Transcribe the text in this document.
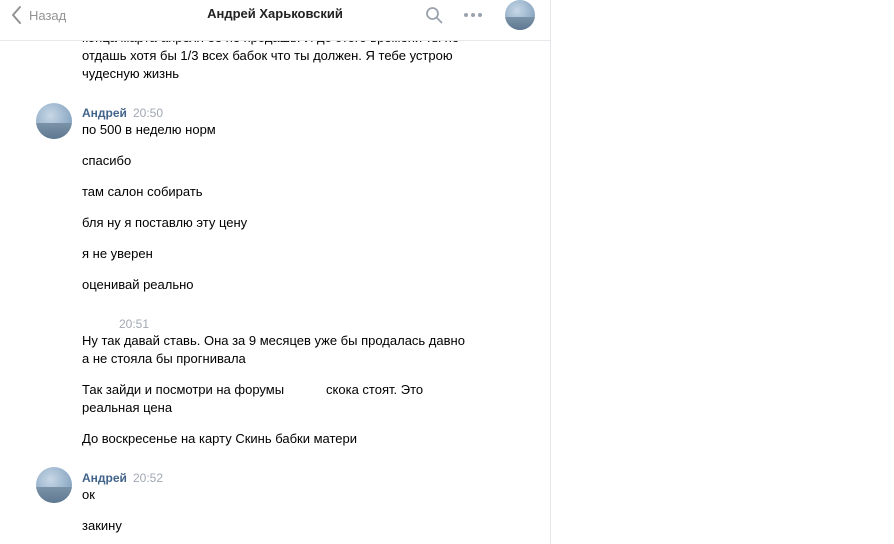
отдашь хотя бы 1/3 всех бабок что ты должен. Я тебе устрою
чудесную жизнь
Андрей 20:50
по 500 в неделю норм
спасибо
там салон собирать
бля ну я поставлю эту цену
я не уверен
оценивай реально
20:51
Ну так давай ставь. Она за 9 месяцев уже бы продалась давно
а не стояла бы прогнивала
Так зайди и посмотри на форумы	скока стоят. Это
реальная цена
До воскресенье на карту Скинь бабки матери
Андрей 20:52
ок
закину
Назад	Андрей Харьковский
